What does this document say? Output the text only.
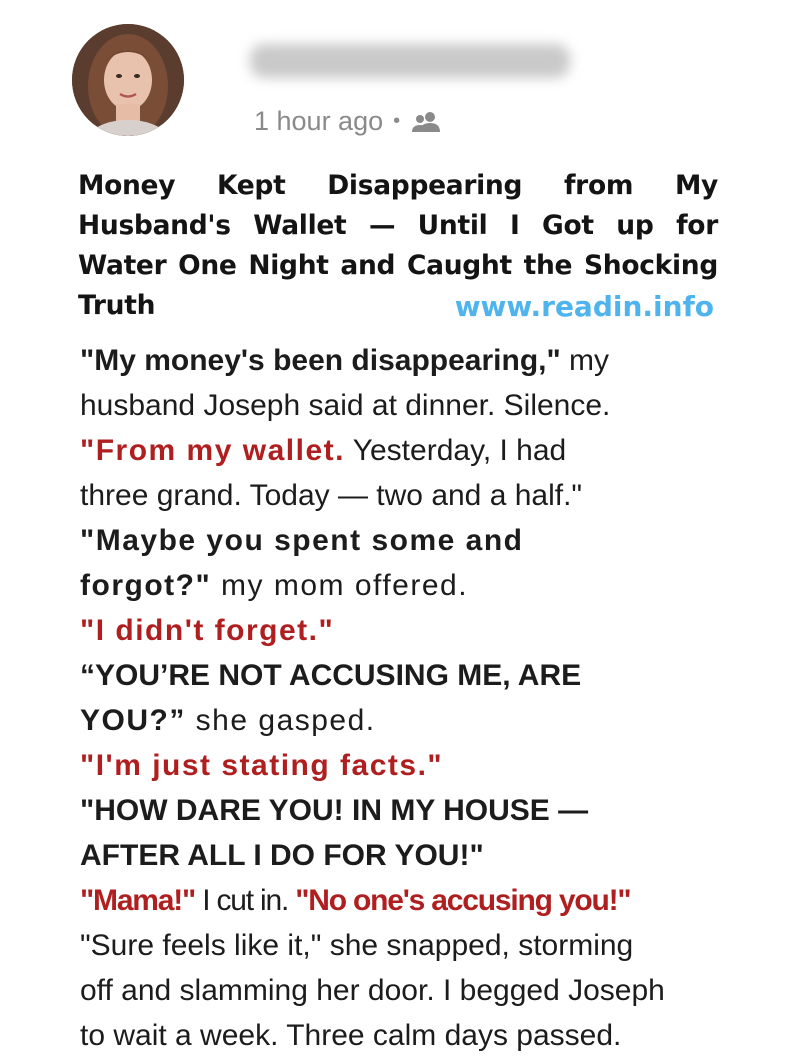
1 hour ago •
Money Kept Disappearing from My Husband's Wallet — Until I Got up for Water One Night and Caught the Shocking Truth	www.readin.info
"My money's been disappearing," my
husband Joseph said at dinner. Silence.
"From my wallet. Yesterday, I had
three grand. Today — two and a half."
"Maybe you spent some and
forgot?" my mom offered.
"I didn't forget."
“YOU’RE NOT ACCUSING ME, ARE
YOU?” she gasped.
"I'm just stating facts."
"HOW DARE YOU! IN MY HOUSE —
AFTER ALL I DO FOR YOU!"
"Mama!" I cut in. "No one's accusing you!"
"Sure feels like it," she snapped, storming
off and slamming her door. I begged Joseph
to wait a week. Three calm days passed.
